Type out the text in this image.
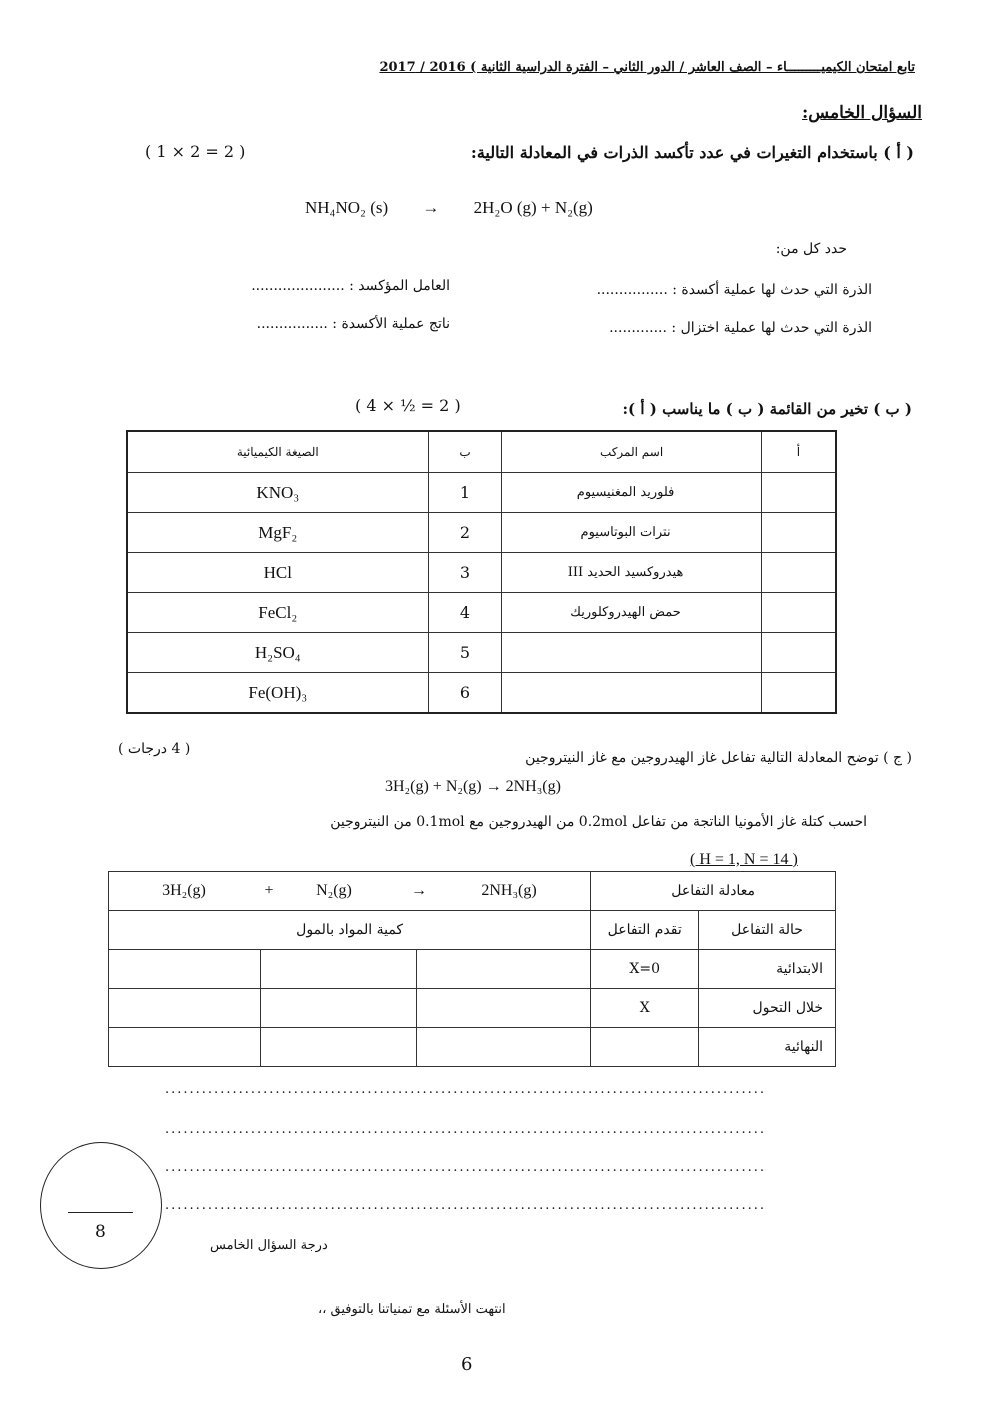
تابع امتحان الكيميـــــــــاء – الصف العاشر / الدور الثاني – الفترة الدراسية الثانية ) 2016 / 2017
السؤال الخامس:
( أ ) باستخدام التغيرات في عدد تأكسد الذرات في المعادلة التالية:
( 1 × 2 = 2 )
NH₄NO₂ (s) → 2H₂O (g) + N₂(g)
حدد كل من:
الذرة التي حدث لها عملية أكسدة : ................
العامل المؤكسد : .....................
الذرة التي حدث لها عملية اختزال : .............
ناتج عملية الأكسدة : ................
( ب ) تخير من القائمة ( ب ) ما يناسب ( أ ):
( 4 × ½ = 2 )
الصيغة الكيميائية	ب	اسم المركب	أ
KNO₃	1	فلوريد المغنيسيوم	
MgF₂	2	نترات البوتاسيوم	
HCl	3	هيدروكسيد الحديد III	
FeCl₂	4	حمض الهيدروكلوريك	
H₂SO₄	5		
Fe(OH)₃	6		
( ج ) توضح المعادلة التالية تفاعل غاز الهيدروجين مع غاز النيتروجين
( 4 درجات )
3H₂(g) + N₂(g) → 2NH₃(g)
احسب كتلة غاز الأمونيا الناتجة من تفاعل 0.2mol من الهيدروجين مع 0.1mol من النيتروجين
( H = 1, N = 14 )
3H₂(g) + N₂(g) → 2NH₃(g)			معادلة التفاعل	
كمية المواد بالمول			تقدم التفاعل	حالة التفاعل
			X=0	الابتدائية
			X	خلال التحول
				النهائية
..................................................................................................
..................................................................................................
..................................................................................................
..................................................................................................
8
درجة السؤال الخامس
انتهت الأسئلة مع تمنياتنا بالتوفيق ،،
6
